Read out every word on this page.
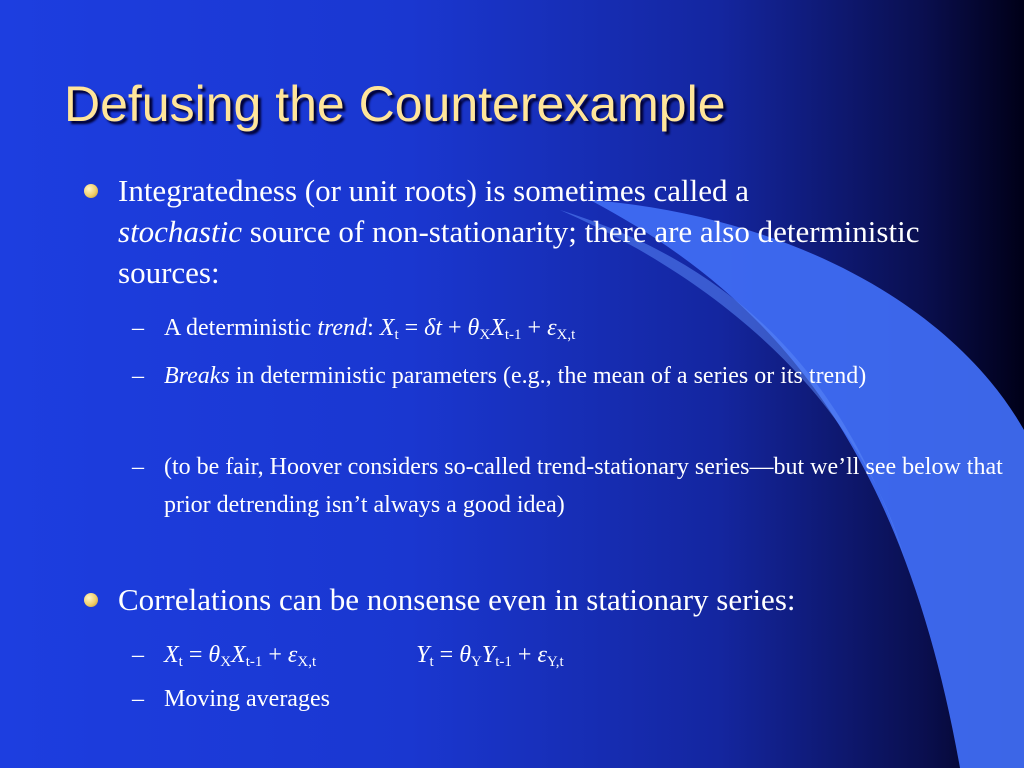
Defusing the Counterexample

Integratedness (or unit roots) is sometimes called a
stochastic source of non-stationarity; there are also deterministic sources:

– A deterministic trend: $X_t = \delta t + \theta_XX_{t-1} + \varepsilon_{X,t}$

– Breaks in deterministic parameters (e.g., the mean of a series or its trend)

– (to be fair, Hoover considers so-called trend-stationary series—but we’ll see below that prior detrending isn’t always a good idea)

Correlations can be nonsense even in stationary series:

– $X_t = \theta_XX_{t-1} + \varepsilon_{X,t}$	$Y_t = \theta_YY_{t-1} + \varepsilon_{Y,t}$

– Moving averages
